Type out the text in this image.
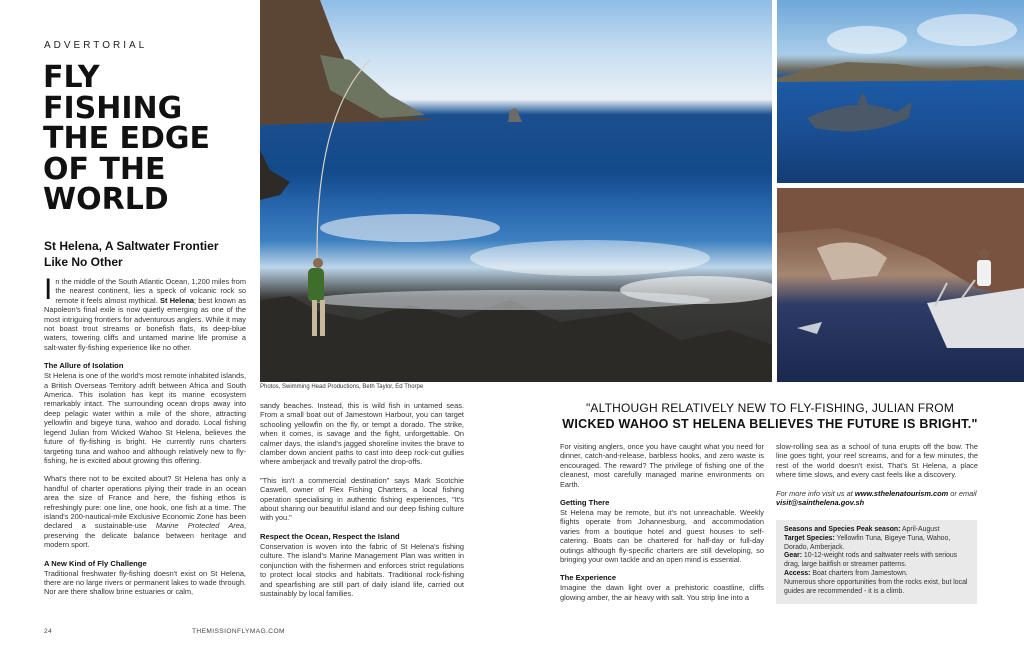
ADVERTORIAL
FLY
FISHING
THE EDGE
OF THE
WORLD
St Helena, A Saltwater Frontier Like No Other
In the middle of the South Atlantic Ocean, 1,200 miles from the nearest continent, lies a speck of volcanic rock so remote it feels almost mythical. St Helena; best known as Napoleon's final exile is now quietly emerging as one of the most intriguing frontiers for adventurous anglers. While it may not boast trout streams or bonefish flats, its deep-blue waters, towering cliffs and untamed marine life promise a salt-water fly-fishing experience like no other.
The Allure of Isolation
St Helena is one of the world's most remote inhabited islands, a British Overseas Territory adrift between Africa and South America. This isolation has kept its marine ecosystem remarkably intact. The surrounding ocean drops away into deep pelagic water within a mile of the shore, attracting yellowfin and bigeye tuna, wahoo and dorado. Local fishing legend Julian from Wicked Wahoo St Helena, believes the future of fly-fishing is bright. He currently runs charters targeting tuna and wahoo and although relatively new to fly-fishing, he is excited about growing this offering.
What's there not to be excited about? St Helena has only a handful of charter operations plying their trade in an ocean area the size of France and here, the fishing ethos is refreshingly pure: one line, one hook, one fish at a time. The island's 200-nautical-mile Exclusive Economic Zone has been declared a sustainable-use Marine Protected Area, preserving the delicate balance between heritage and modern sport.
A New Kind of Fly Challenge
Traditional freshwater fly-fishing doesn't exist on St Helena, there are no large rivers or permanent lakes to wade through. Nor are there shallow brine estuaries or calm,
Photos, Swimming Head Productions, Beth Taylor, Ed Thorpe
sandy beaches. Instead, this is wild fish in untamed seas. From a small boat out of Jamestown Harbour, you can target schooling yellowfin on the fly, or tempt a dorado. The strike, when it comes, is savage and the fight, unforgettable. On calmer days, the island's jagged shoreline invites the brave to clamber down ancient paths to cast into deep rock-cut gullies where amberjack and trevally patrol the drop-offs.
"This isn't a commercial destination" says Mark Scotchie Caswell, owner of Flex Fishing Charters, a local fishing operation specialising in authentic fishing experiences, "It's about sharing our beautiful island and our deep fishing culture with you."
Respect the Ocean, Respect the Island
Conservation is woven into the fabric of St Helena's fishing culture. The island's Marine Management Plan was written in conjunction with the fishermen and enforces strict regulations to protect local stocks and habitats. Traditional rock-fishing and spearfishing are still part of daily island life, carried out sustainably by local families.
"ALTHOUGH RELATIVELY NEW TO FLY-FISHING, JULIAN FROM
WICKED WAHOO ST HELENA BELIEVES THE FUTURE IS BRIGHT."
For visiting anglers, once you have caught what you need for dinner, catch-and-release, barbless hooks, and zero waste is encouraged. The reward? The privilege of fishing one of the cleanest, most carefully managed marine environments on Earth.
Getting There
St Helena may be remote, but it's not unreachable. Weekly flights operate from Johannesburg, and accommodation varies from a boutique hotel and guest houses to self-catering. Boats can be chartered for half-day or full-day outings although fly-specific charters are still developing, so bringing your own tackle and an open mind is essential.
The Experience
Imagine the dawn light over a prehistoric coastline, cliffs glowing amber, the air heavy with salt. You strip line into a
slow-rolling sea as a school of tuna erupts off the bow. The line goes tight, your reel screams, and for a few minutes, the rest of the world doesn't exist. That's St Helena, a place where time slows, and every cast feels like a discovery.
For more info visit us at www.sthelenatourism.com or email visit@sainthelena.gov.sh
Seasons and Species Peak season: April-August
Target Species: Yellowfin Tuna, Bigeye Tuna, Wahoo, Dorado, Amberjack.
Gear: 10-12-weight rods and saltwater reels with serious drag, large baitfish or streamer patterns.
Access: Boat charters from Jamestown.
Numerous shore opportunities from the rocks exist, but local guides are recommended - it is a climb.
24	THEMISSIONFLYMAG.COM
